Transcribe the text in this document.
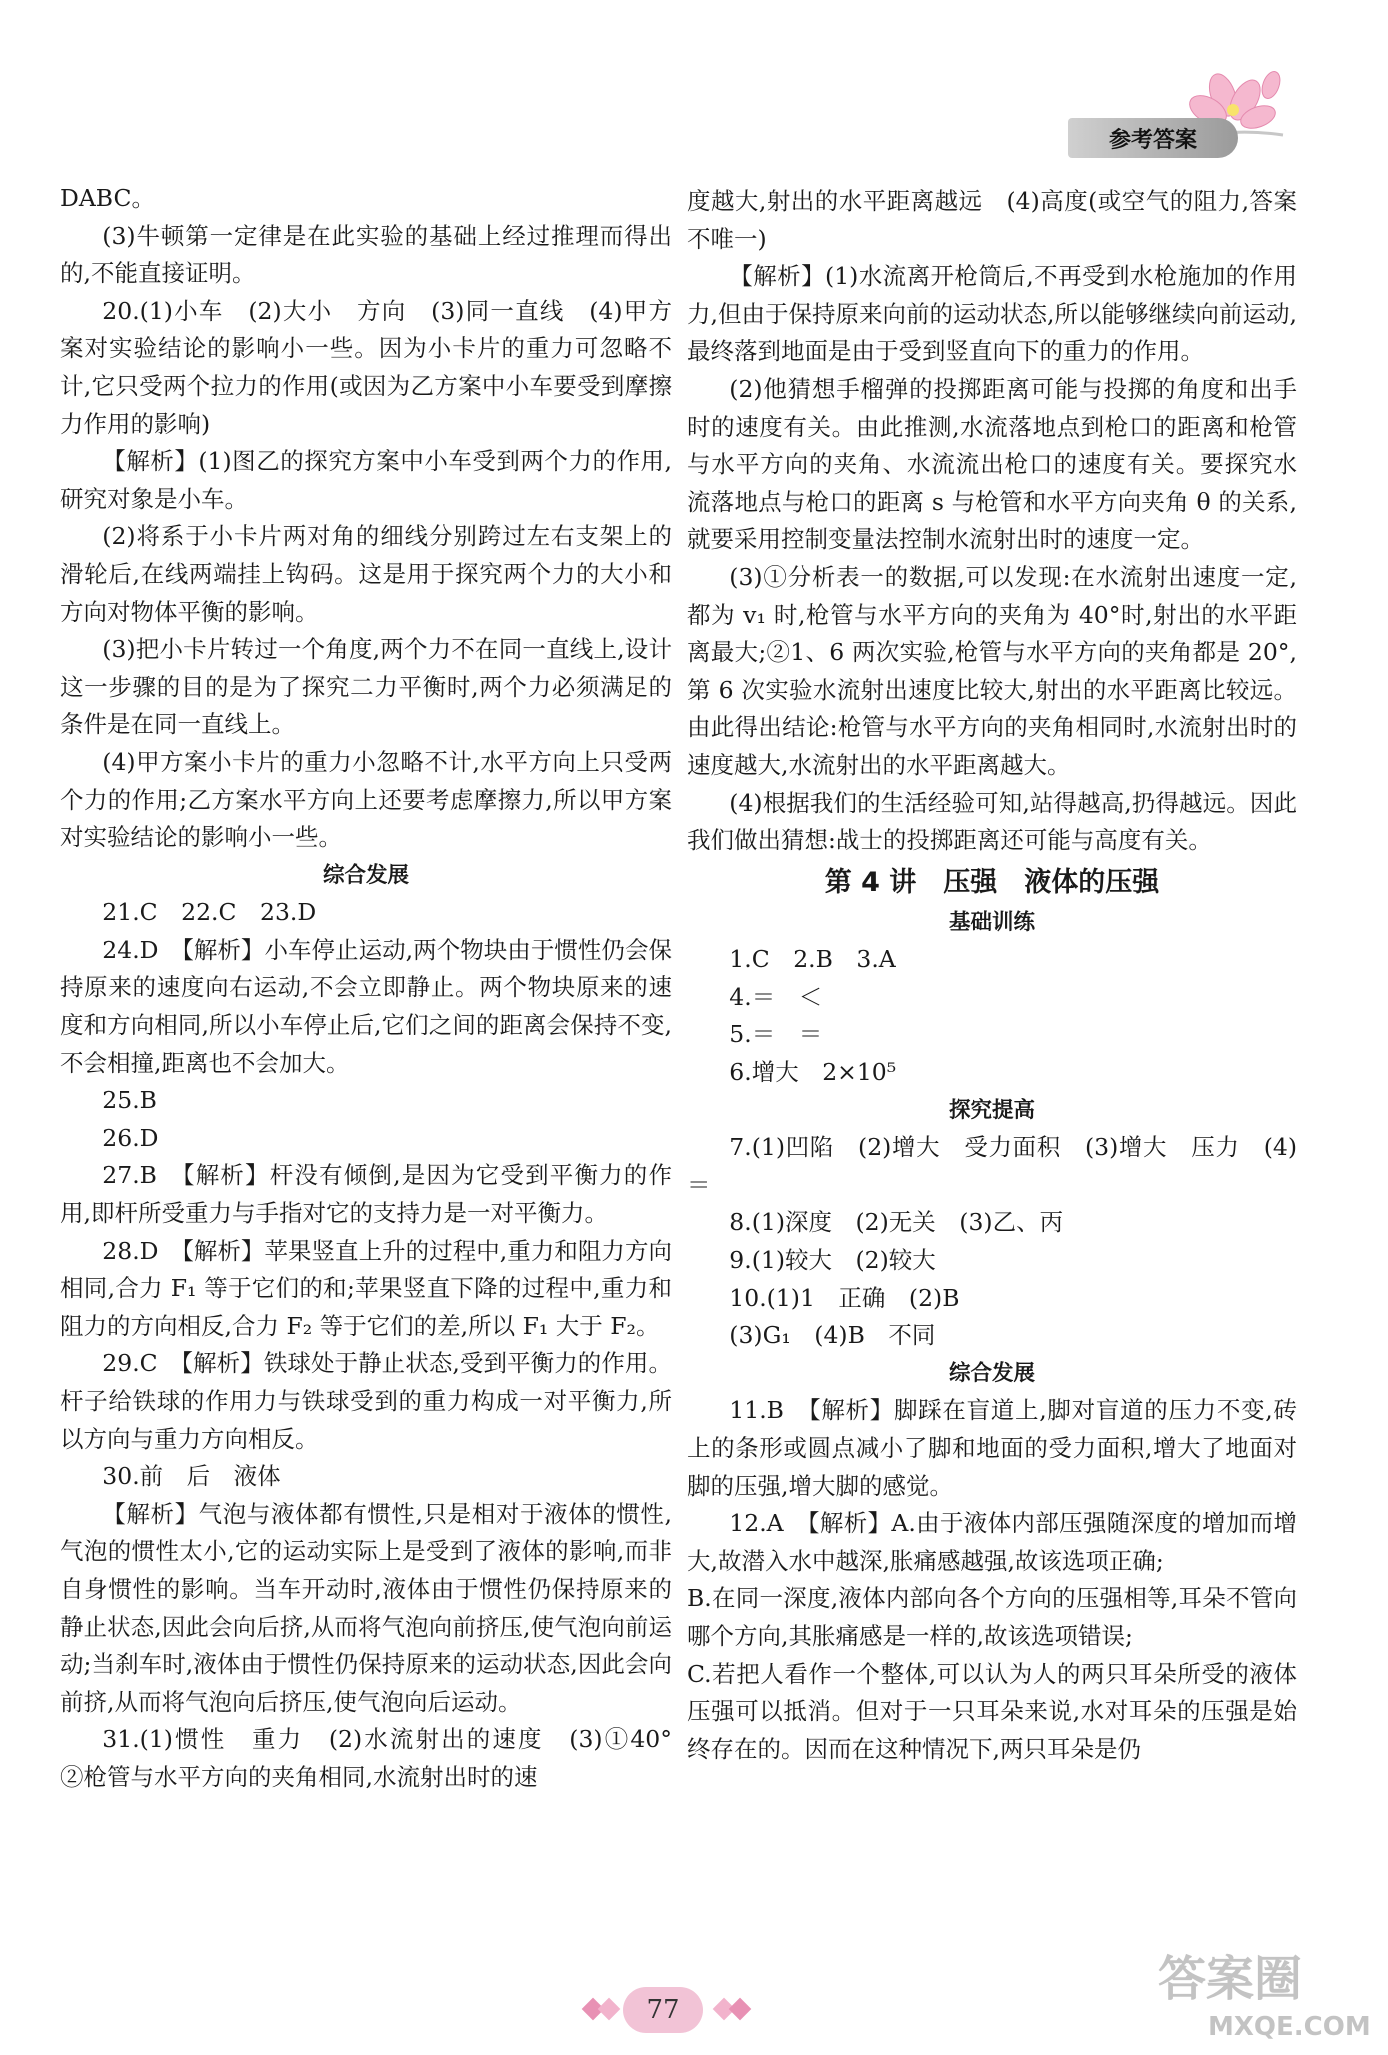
参考答案

DABC。

(3)牛顿第一定律是在此实验的基础上经过推理而得出的,不能直接证明。

20.(1)小车　(2)大小　方向　(3)同一直线　(4)甲方案对实验结论的影响小一些。因为小卡片的重力可忽略不计,它只受两个拉力的作用(或因为乙方案中小车要受到摩擦力作用的影响)

【解析】(1)图乙的探究方案中小车受到两个力的作用,研究对象是小车。

(2)将系于小卡片两对角的细线分别跨过左右支架上的滑轮后,在线两端挂上钩码。这是用于探究两个力的大小和方向对物体平衡的影响。

(3)把小卡片转过一个角度,两个力不在同一直线上,设计这一步骤的目的是为了探究二力平衡时,两个力必须满足的条件是在同一直线上。

(4)甲方案小卡片的重力小忽略不计,水平方向上只受两个力的作用;乙方案水平方向上还要考虑摩擦力,所以甲方案对实验结论的影响小一些。

综合发展

21.C　22.C　23.D

24.D　【解析】小车停止运动,两个物块由于惯性仍会保持原来的速度向右运动,不会立即静止。两个物块原来的速度和方向相同,所以小车停止后,它们之间的距离会保持不变,不会相撞,距离也不会加大。

25.B

26.D

27.B　【解析】杆没有倾倒,是因为它受到平衡力的作用,即杆所受重力与手指对它的支持力是一对平衡力。

28.D　【解析】苹果竖直上升的过程中,重力和阻力方向相同,合力 F₁ 等于它们的和;苹果竖直下降的过程中,重力和阻力的方向相反,合力 F₂ 等于它们的差,所以 F₁ 大于 F₂。

29.C　【解析】铁球处于静止状态,受到平衡力的作用。杆子给铁球的作用力与铁球受到的重力构成一对平衡力,所以方向与重力方向相反。

30.前　后　液体

【解析】气泡与液体都有惯性,只是相对于液体的惯性,气泡的惯性太小,它的运动实际上是受到了液体的影响,而非自身惯性的影响。当车开动时,液体由于惯性仍保持原来的静止状态,因此会向后挤,从而将气泡向前挤压,使气泡向前运动;当刹车时,液体由于惯性仍保持原来的运动状态,因此会向前挤,从而将气泡向后挤压,使气泡向后运动。

31.(1)惯性　重力　(2)水流射出的速度　(3)①40°　②枪管与水平方向的夹角相同,水流射出时的速

度越大,射出的水平距离越远　(4)高度(或空气的阻力,答案不唯一)

【解析】(1)水流离开枪筒后,不再受到水枪施加的作用力,但由于保持原来向前的运动状态,所以能够继续向前运动,最终落到地面是由于受到竖直向下的重力的作用。

(2)他猜想手榴弹的投掷距离可能与投掷的角度和出手时的速度有关。由此推测,水流落地点到枪口的距离和枪管与水平方向的夹角、水流流出枪口的速度有关。要探究水流落地点与枪口的距离 s 与枪管和水平方向夹角 θ 的关系,就要采用控制变量法控制水流射出时的速度一定。

(3)①分析表一的数据,可以发现:在水流射出速度一定,都为 v₁ 时,枪管与水平方向的夹角为 40°时,射出的水平距离最大;②1、6 两次实验,枪管与水平方向的夹角都是 20°,第 6 次实验水流射出速度比较大,射出的水平距离比较远。由此得出结论:枪管与水平方向的夹角相同时,水流射出时的速度越大,水流射出的水平距离越大。

(4)根据我们的生活经验可知,站得越高,扔得越远。因此我们做出猜想:战士的投掷距离还可能与高度有关。

第 4 讲　压强　液体的压强

基础训练

1.C　2.B　3.A

4.＝　＜

5.＝　＝

6.增大　2×10⁵

探究提高

7.(1)凹陷　(2)增大　受力面积　(3)增大　压力　(4)＝

8.(1)深度　(2)无关　(3)乙、丙

9.(1)较大　(2)较大

10.(1)1　正确　(2)B

(3)G₁　(4)B　不同

综合发展

11.B　【解析】脚踩在盲道上,脚对盲道的压力不变,砖上的条形或圆点减小了脚和地面的受力面积,增大了地面对脚的压强,增大脚的感觉。

12.A　【解析】A.由于液体内部压强随深度的增加而增大,故潜入水中越深,胀痛感越强,故该选项正确;

B.在同一深度,液体内部向各个方向的压强相等,耳朵不管向哪个方向,其胀痛感是一样的,故该选项错误;

C.若把人看作一个整体,可以认为人的两只耳朵所受的液体压强可以抵消。但对于一只耳朵来说,水对耳朵的压强是始终存在的。因而在这种情况下,两只耳朵是仍

77
答案圈
MXQE.COM
